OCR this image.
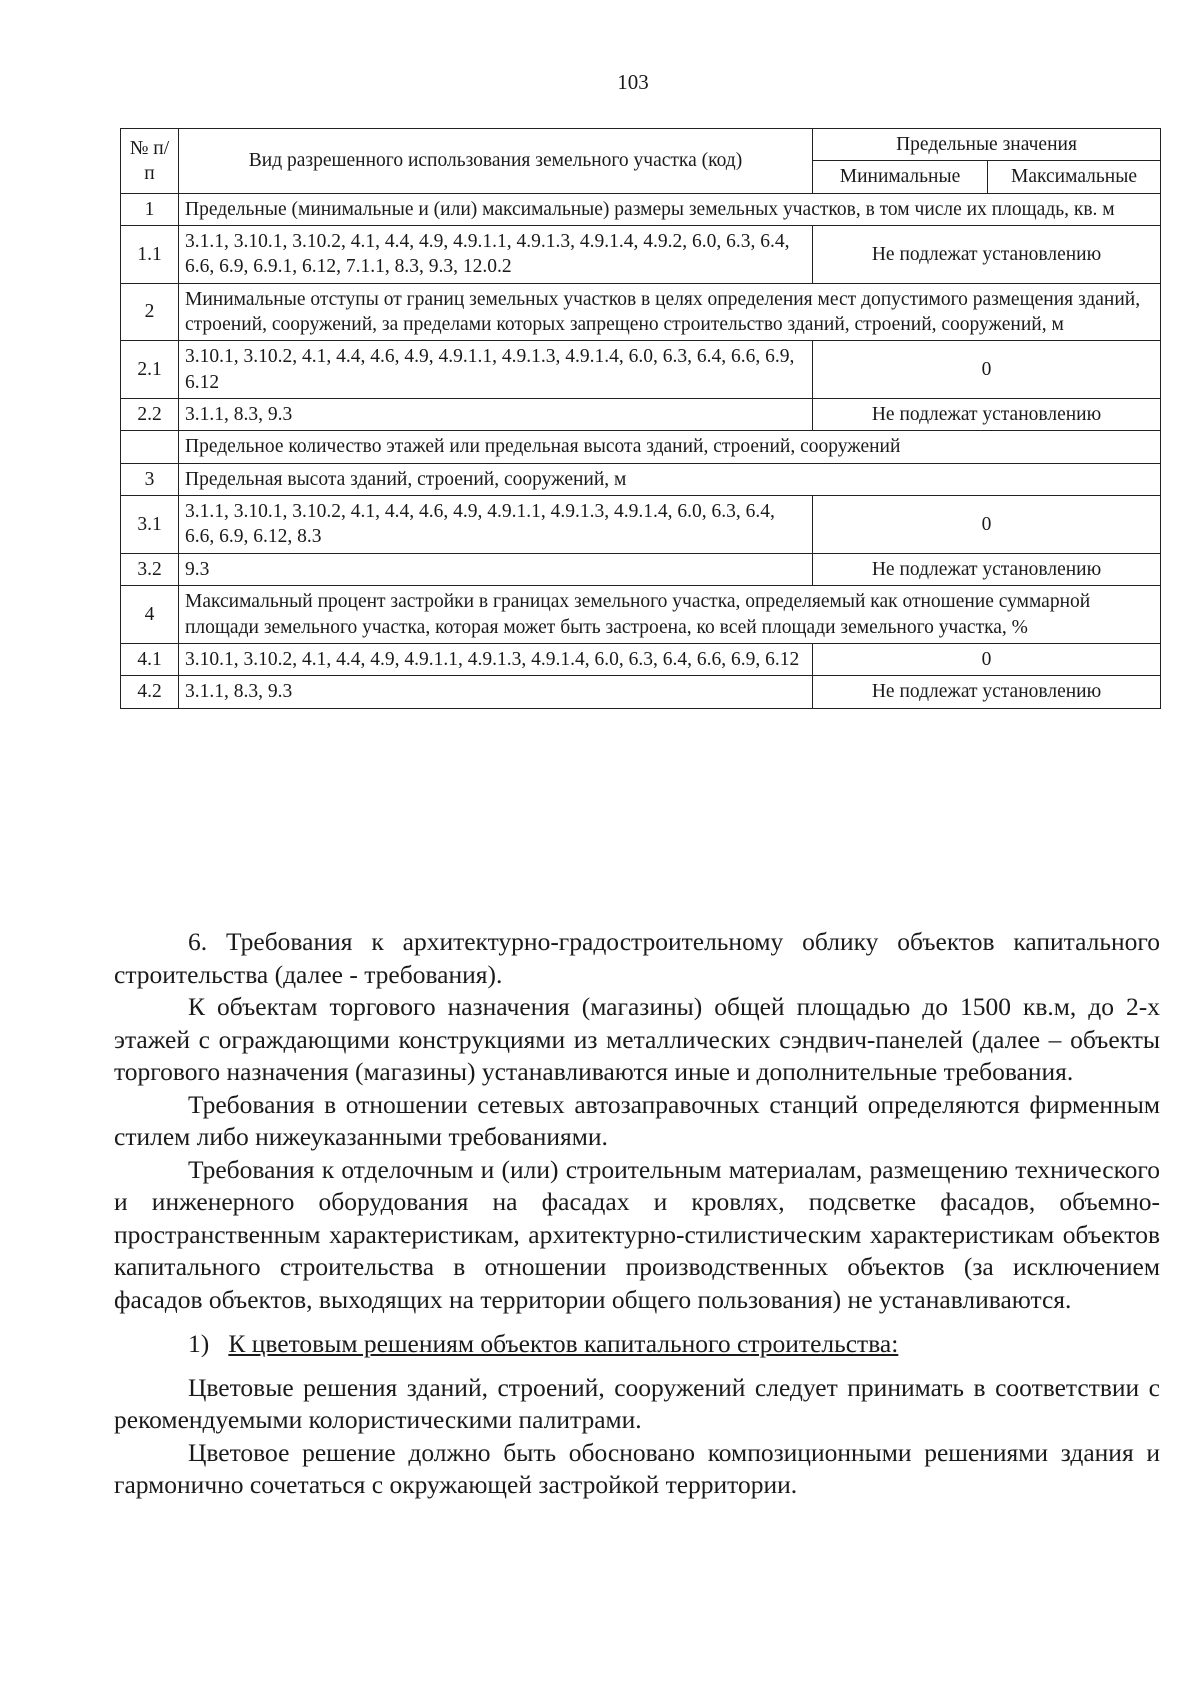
103
№ п/п	Вид разрешенного использования земельного участка (код)	Предельные значения	
		Минимальные	Максимальные
1	Предельные (минимальные и (или) максимальные) размеры земельных участков, в том числе их площадь, кв. м		
1.1	3.1.1, 3.10.1, 3.10.2, 4.1, 4.4, 4.9, 4.9.1.1, 4.9.1.3, 4.9.1.4, 4.9.2, 6.0, 6.3, 6.4, 6.6, 6.9, 6.9.1, 6.12, 7.1.1, 8.3, 9.3, 12.0.2	Не подлежат установлению	
2	Минимальные отступы от границ земельных участков в целях определения мест допустимого размещения зданий, строений, сооружений, за пределами которых запрещено строительство зданий, строений, сооружений, м		
2.1	3.10.1, 3.10.2, 4.1, 4.4, 4.6, 4.9, 4.9.1.1, 4.9.1.3, 4.9.1.4, 6.0, 6.3, 6.4, 6.6, 6.9, 6.12	0	
2.2	3.1.1, 8.3, 9.3	Не подлежат установлению	
	Предельное количество этажей или предельная высота зданий, строений, сооружений		
3	Предельная высота зданий, строений, сооружений, м		
3.1	3.1.1, 3.10.1, 3.10.2, 4.1, 4.4, 4.6, 4.9, 4.9.1.1, 4.9.1.3, 4.9.1.4, 6.0, 6.3, 6.4, 6.6, 6.9, 6.12, 8.3	0	
3.2	9.3	Не подлежат установлению	
4	Максимальный процент застройки в границах земельного участка, определяемый как отношение суммарной площади земельного участка, которая может быть застроена, ко всей площади земельного участка, %		
4.1	3.10.1, 3.10.2, 4.1, 4.4, 4.9, 4.9.1.1, 4.9.1.3, 4.9.1.4, 6.0, 6.3, 6.4, 6.6, 6.9, 6.12	0	
4.2	3.1.1, 8.3, 9.3	Не подлежат установлению	

6. Требования к архитектурно-градостроительному облику объектов капитального строительства (далее - требования).

К объектам торгового назначения (магазины) общей площадью до 1500 кв.м, до 2-х этажей с ограждающими конструкциями из металлических сэндвич-панелей (далее – объекты торгового назначения (магазины) устанавливаются иные и дополнительные требования.

Требования в отношении сетевых автозаправочных станций определяются фирменным стилем либо нижеуказанными требованиями.

Требования к отделочным и (или) строительным материалам, размещению технического и инженерного оборудования на фасадах и кровлях, подсветке фасадов, объемно-пространственным характеристикам, архитектурно-стилистическим характеристикам объектов капитального строительства в отношении производственных объектов (за исключением фасадов объектов, выходящих на территории общего пользования) не устанавливаются.

1) К цветовым решениям объектов капитального строительства:

Цветовые решения зданий, строений, сооружений следует принимать в соответствии с рекомендуемыми колористическими палитрами.

Цветовое решение должно быть обосновано композиционными решениями здания и гармонично сочетаться с окружающей застройкой территории.
